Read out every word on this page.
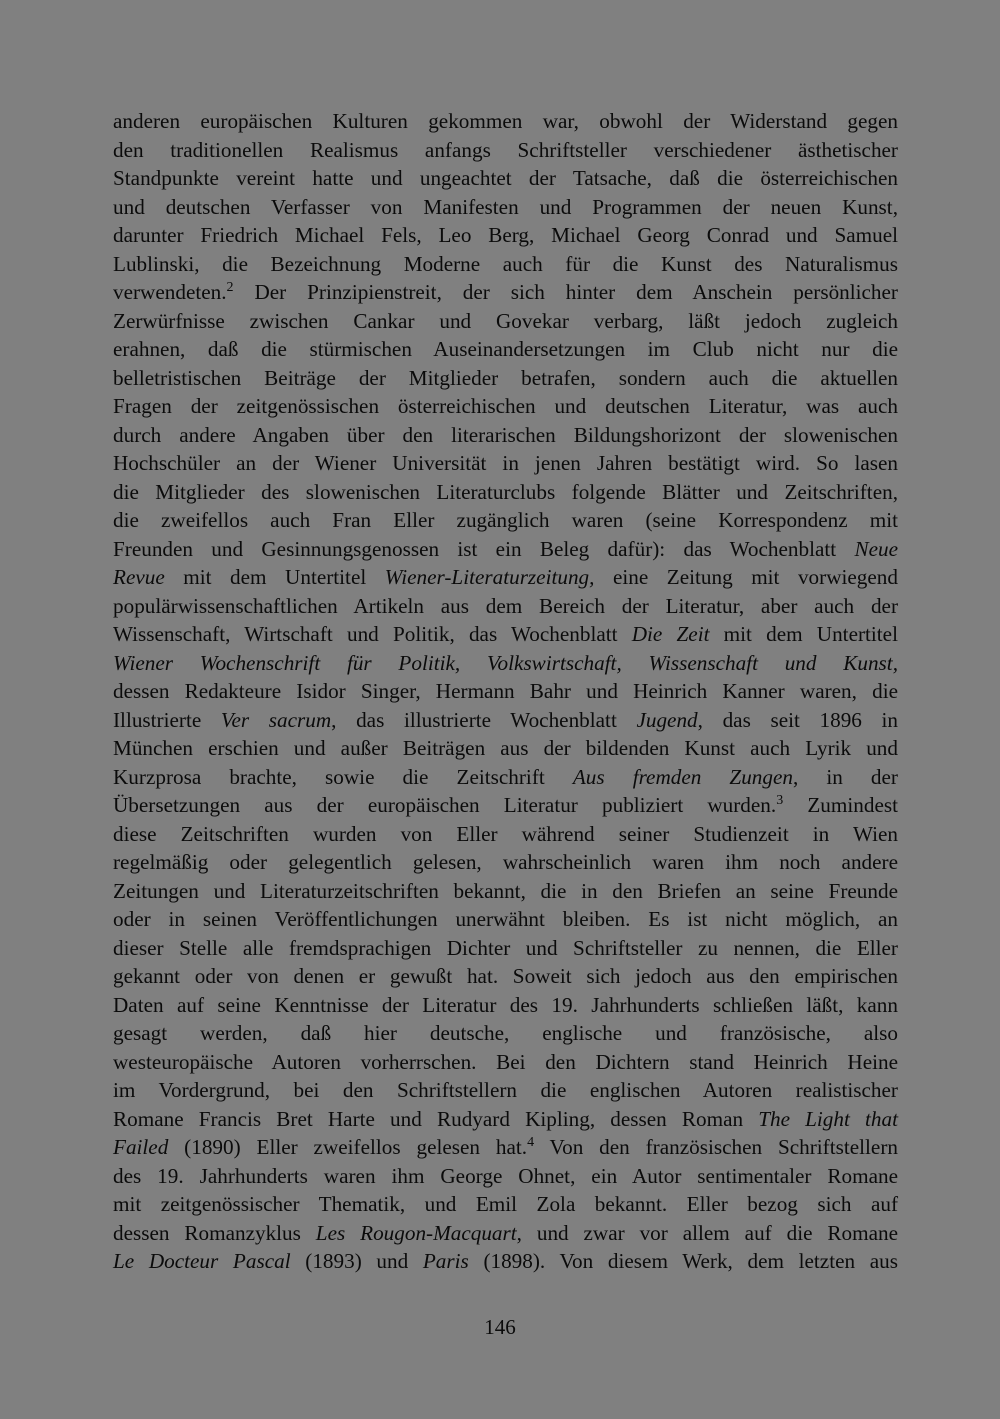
anderen europäischen Kulturen gekommen war, obwohl der Widerstand gegen
den traditionellen Realismus anfangs Schriftsteller verschiedener ästhetischer
Standpunkte vereint hatte und ungeachtet der Tatsache, daß die österreichischen
und deutschen Verfasser von Manifesten und Programmen der neuen Kunst,
darunter Friedrich Michael Fels, Leo Berg, Michael Georg Conrad und Samuel
Lublinski, die Bezeichnung Moderne auch für die Kunst des Naturalismus
verwendeten.$^2$ Der Prinzipienstreit, der sich hinter dem Anschein persönlicher
Zerwürfnisse zwischen Cankar und Govekar verbarg, läßt jedoch zugleich
erahnen, daß die stürmischen Auseinandersetzungen im Club nicht nur die
belletristischen Beiträge der Mitglieder betrafen, sondern auch die aktuellen
Fragen der zeitgenössischen österreichischen und deutschen Literatur, was auch
durch andere Angaben über den literarischen Bildungshorizont der slowenischen
Hochschüler an der Wiener Universität in jenen Jahren bestätigt wird. So lasen
die Mitglieder des slowenischen Literaturclubs folgende Blätter und Zeitschriften,
die zweifellos auch Fran Eller zugänglich waren (seine Korrespondenz mit
Freunden und Gesinnungsgenossen ist ein Beleg dafür): das Wochenblatt Neue
Revue mit dem Untertitel Wiener-Literaturzeitung, eine Zeitung mit vorwiegend
populärwissenschaftlichen Artikeln aus dem Bereich der Literatur, aber auch der
Wissenschaft, Wirtschaft und Politik, das Wochenblatt Die Zeit mit dem Untertitel
Wiener Wochenschrift für Politik, Volkswirtschaft, Wissenschaft und Kunst,
dessen Redakteure Isidor Singer, Hermann Bahr und Heinrich Kanner waren, die
Illustrierte Ver sacrum, das illustrierte Wochenblatt Jugend, das seit 1896 in
München erschien und außer Beiträgen aus der bildenden Kunst auch Lyrik und
Kurzprosa brachte, sowie die Zeitschrift Aus fremden Zungen, in der
Übersetzungen aus der europäischen Literatur publiziert wurden.$^3$ Zumindest
diese Zeitschriften wurden von Eller während seiner Studienzeit in Wien
regelmäßig oder gelegentlich gelesen, wahrscheinlich waren ihm noch andere
Zeitungen und Literaturzeitschriften bekannt, die in den Briefen an seine Freunde
oder in seinen Veröffentlichungen unerwähnt bleiben. Es ist nicht möglich, an
dieser Stelle alle fremdsprachigen Dichter und Schriftsteller zu nennen, die Eller
gekannt oder von denen er gewußt hat. Soweit sich jedoch aus den empirischen
Daten auf seine Kenntnisse der Literatur des 19. Jahrhunderts schließen läßt, kann
gesagt werden, daß hier deutsche, englische und französische, also
westeuropäische Autoren vorherrschen. Bei den Dichtern stand Heinrich Heine
im Vordergrund, bei den Schriftstellern die englischen Autoren realistischer
Romane Francis Bret Harte und Rudyard Kipling, dessen Roman The Light that
Failed (1890) Eller zweifellos gelesen hat.$^4$ Von den französischen Schriftstellern
des 19. Jahrhunderts waren ihm George Ohnet, ein Autor sentimentaler Romane
mit zeitgenössischer Thematik, und Emil Zola bekannt. Eller bezog sich auf
dessen Romanzyklus Les Rougon-Macquart, und zwar vor allem auf die Romane
Le Docteur Pascal (1893) und Paris (1898). Von diesem Werk, dem letzten aus
146
